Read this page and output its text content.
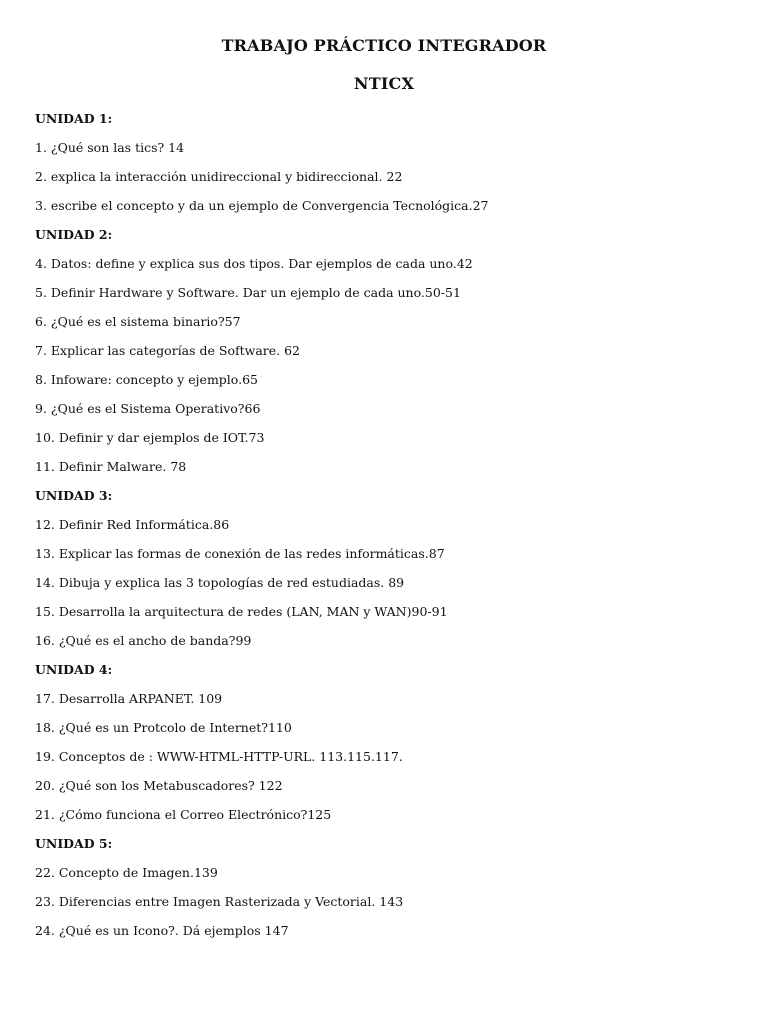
TRABAJO PRÁCTICO INTEGRADOR
NTICX
UNIDAD 1:
1. ¿Qué son las tics? 14
2. explica la interacción unidireccional y bidireccional. 22
3. escribe el concepto y da un ejemplo de Convergencia Tecnológica.27
UNIDAD 2:
4. Datos: define y explica sus dos tipos. Dar ejemplos de cada uno.42
5. Definir Hardware y Software. Dar un ejemplo de cada uno.50-51
6. ¿Qué es el sistema binario?57
7. Explicar las categorías de Software. 62
8. Infoware: concepto y ejemplo.65
9. ¿Qué es el Sistema Operativo?66
10. Definir y dar ejemplos de IOT.73
11. Definir Malware. 78
UNIDAD 3:
12. Definir Red Informática.86
13. Explicar las formas de conexión de las redes informáticas.87
14. Dibuja y explica las 3 topologías de red estudiadas. 89
15. Desarrolla la arquitectura de redes (LAN, MAN y WAN)90-91
16. ¿Qué es el ancho de banda?99
UNIDAD 4:
17. Desarrolla ARPANET. 109
18. ¿Qué es un Protcolo de Internet?110
19. Conceptos de : WWW-HTML-HTTP-URL. 113.115.117.
20. ¿Qué son los Metabuscadores? 122
21. ¿Cómo funciona el Correo Electrónico?125
UNIDAD 5:
22. Concepto de Imagen.139
23. Diferencias entre Imagen Rasterizada y Vectorial. 143
24. ¿Qué es un Icono?. Dá ejemplos 147
